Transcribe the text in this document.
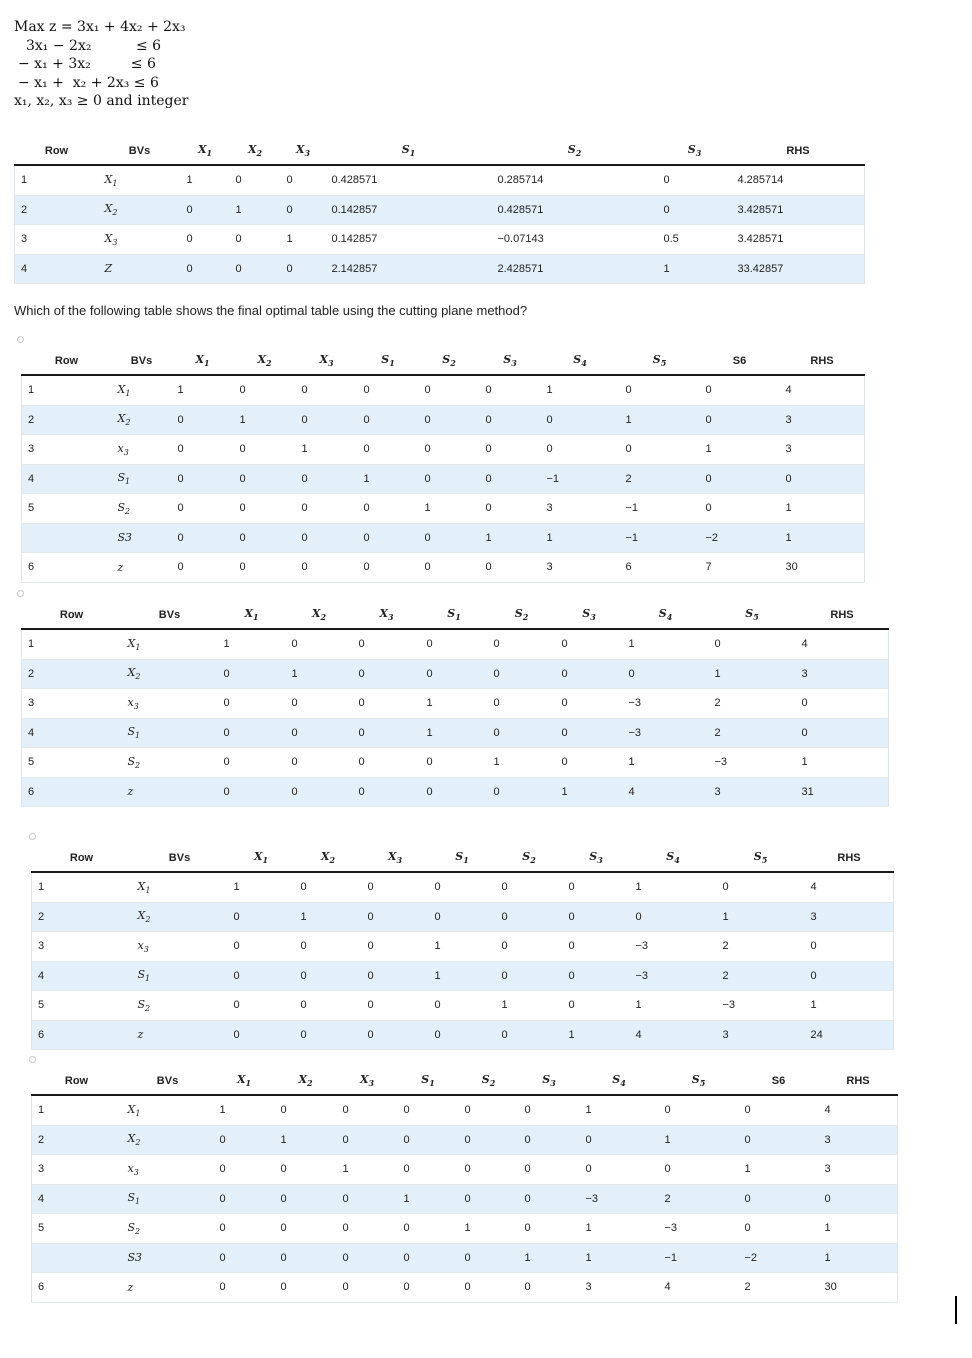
Max z = 3x₁ + 4x₂ + 2x₃
3x₁ − 2x₂          ≤ 6
− x₁ + 3x₂         ≤ 6
− x₁ +  x₂ + 2x₃ ≤ 6
x₁, x₂, x₃ ≥ 0 and integer
Row	BVs	$X_1$	$X_2$	$X_3$	$S_1$	$S_2$	$S_3$	RHS
1	$X_1$	1	0	0	0.428571	0.285714	0	4.285714
2	$X_2$	0	1	0	0.142857	0.428571	0	3.428571
3	$X_3$	0	0	1	0.142857	−0.07143	0.5	3.428571
4	Z	0	0	0	2.142857	2.428571	1	33.42857
Row	BVs	$X_1$	$X_2$	$X_3$	$S_1$	$S_2$	$S_3$	$S_4$	$S_5$	S6	RHS
1	$X_1$	1	0	0	0	0	0	1	0	0	4
2	$X_2$	0	1	0	0	0	0	0	1	0	3
3	$x_3$	0	0	1	0	0	0	0	0	1	3
4	$S_1$	0	0	0	1	0	0	−1	2	0	0
5	$S_2$	0	0	0	0	1	0	3	−1	0	1
	S3	0	0	0	0	0	1	1	−1	−2	1
6	z	0	0	0	0	0	0	3	6	7	30
Row	BVs	$X_1$	$X_2$	$X_3$	$S_1$	$S_2$	$S_3$	$S_4$	$S_5$	RHS
1	$X_1$	1	0	0	0	0	0	1	0	4
2	$X_2$	0	1	0	0	0	0	0	1	3
3	$x_3$	0	0	0	1	0	0	−3	2	0
4	$S_1$	0	0	0	1	0	0	−3	2	0
5	$S_2$	0	0	0	0	1	0	1	−3	1
6	z	0	0	0	0	0	1	4	3	31
Row	BVs	$X_1$	$X_2$	$X_3$	$S_1$	$S_2$	$S_3$	$S_4$	$S_5$	RHS
1	$X_1$	1	0	0	0	0	0	1	0	4
2	$X_2$	0	1	0	0	0	0	0	1	3
3	$x_3$	0	0	0	1	0	0	−3	2	0
4	$S_1$	0	0	0	1	0	0	−3	2	0
5	$S_2$	0	0	0	0	1	0	1	−3	1
6	z	0	0	0	0	0	1	4	3	24
Row	BVs	$X_1$	$X_2$	$X_3$	$S_1$	$S_2$	$S_3$	$S_4$	$S_5$	S6	RHS
1	$X_1$	1	0	0	0	0	0	1	0	0	4
2	$X_2$	0	1	0	0	0	0	0	1	0	3
3	$x_3$	0	0	1	0	0	0	0	0	1	3
4	$S_1$	0	0	0	1	0	0	−3	2	0	0
5	$S_2$	0	0	0	0	1	0	1	−3	0	1
	S3	0	0	0	0	0	1	1	−1	−2	1
6	z	0	0	0	0	0	0	3	4	2	30
Which of the following table shows the final optimal table using the cutting plane method?
